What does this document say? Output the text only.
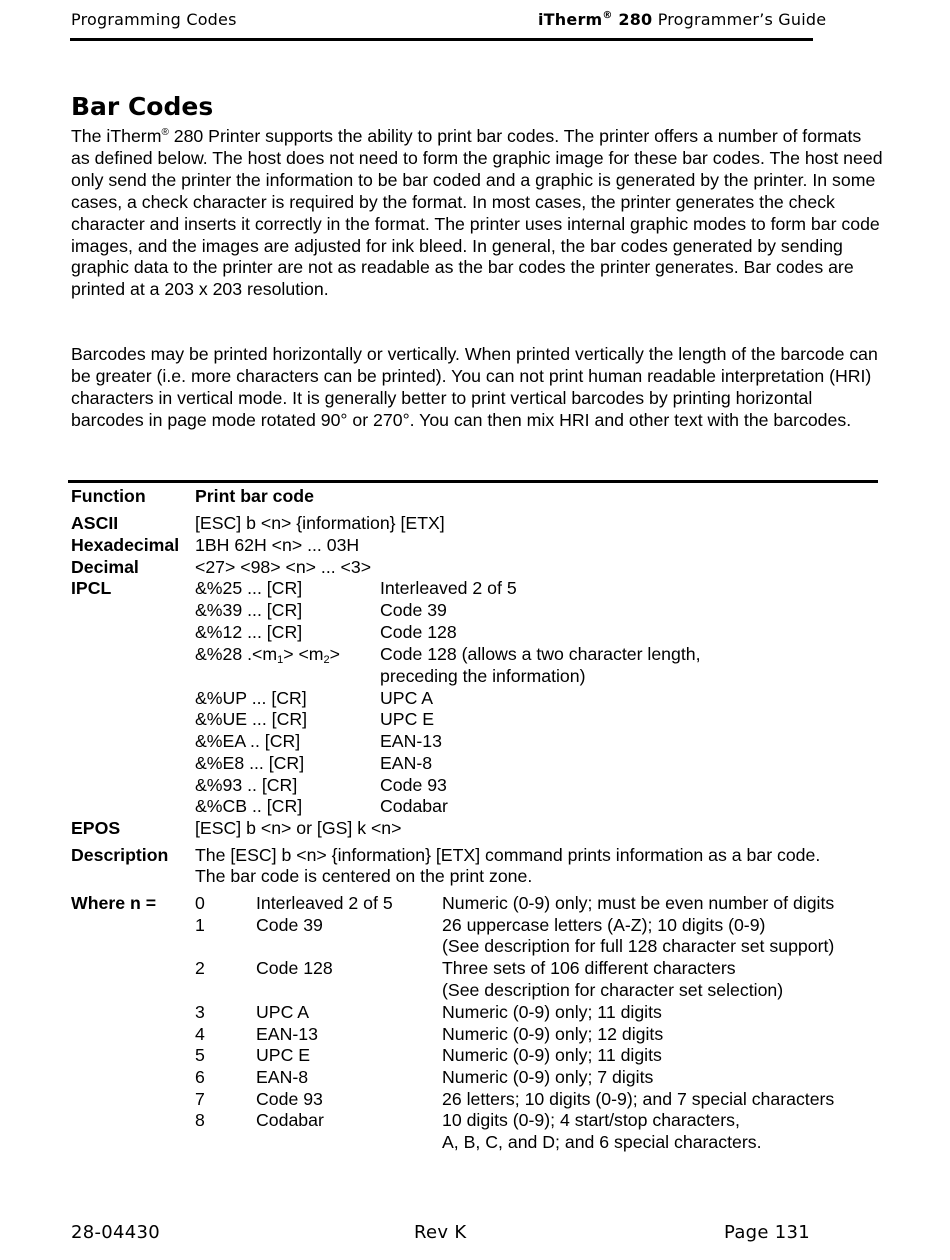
Programming Codes	iTherm® 280 Programmer’s Guide
Bar Codes

The iTherm® 280 Printer supports the ability to print bar codes. The printer offers a number of formats as defined below. The host does not need to form the graphic image for these bar codes. The host need only send the printer the information to be bar coded and a graphic is generated by the printer. In some cases, a check character is required by the format. In most cases, the printer generates the check character and inserts it correctly in the format. The printer uses internal graphic modes to form bar code images, and the images are adjusted for ink bleed. In general, the bar codes generated by sending graphic data to the printer are not as readable as the bar codes the printer generates. Bar codes are printed at a 203 x 203 resolution.

Barcodes may be printed horizontally or vertically. When printed vertically the length of the barcode can be greater (i.e. more characters can be printed). You can not print human readable interpretation (HRI) characters in vertical mode. It is generally better to print vertical barcodes by printing horizontal barcodes in page mode rotated 90° or 270°. You can then mix HRI and other text with the barcodes.

Function	Print bar code
ASCII	[ESC] b <n> {information} [ETX]
Hexadecimal 1BH 62H <n> ... 03H
Decimal	<27> <98> <n> ... <3>
IPCL	&%25 ... [CR]	Interleaved 2 of 5
&%39 ... [CR]	Code 39
&%12 ... [CR]	Code 128
&%28 $.<m_1> <m_2>$ Code 128 (allows a two character length,
preceding the information)
&%UP ... [CR]	UPC A
&%UE ... [CR]	UPC E
&%EA .. [CR]	EAN-13
&%E8 ... [CR]	EAN-8
&%93 .. [CR]	Code 93
&%CB .. [CR]	Codabar
EPOS	[ESC] b <n> or [GS] k <n>
Description The [ESC] b <n> {information} [ETX] command prints information as a bar code.
The bar code is centered on the print zone.
Where n = 0	Interleaved 2 of 5	Numeric (0-9) only; must be even number of digits
1	Code 39	26 uppercase letters (A-Z); 10 digits (0-9)
(See description for full 128 character set support)
2	Code 128	Three sets of 106 different characters
(See description for character set selection)
3	UPC A	Numeric (0-9) only; 11 digits
4	EAN-13	Numeric (0-9) only; 12 digits
5	UPC E	Numeric (0-9) only; 11 digits
6	EAN-8	Numeric (0-9) only; 7 digits
7	Code 93	26 letters; 10 digits (0-9); and 7 special characters
8	Codabar	10 digits (0-9); 4 start/stop characters,
A, B, C, and D; and 6 special characters.
28-04430	Rev K	Page 131
